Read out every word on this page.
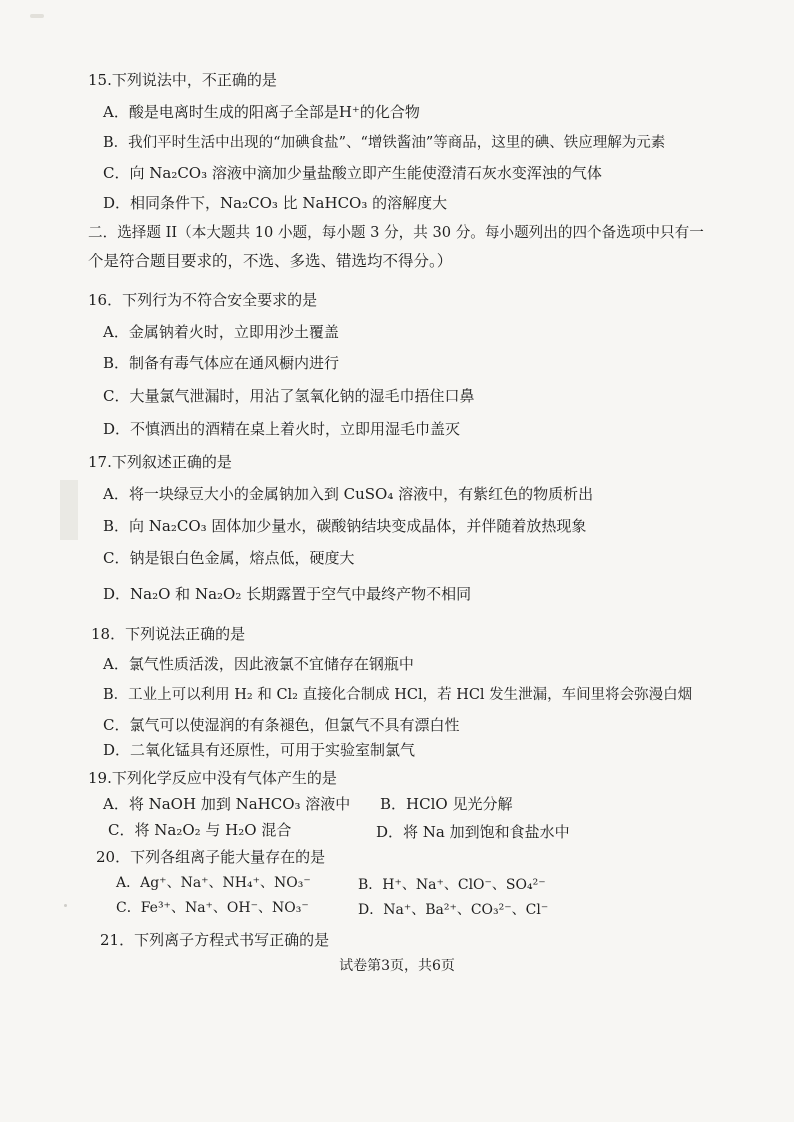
15.下列说法中，不正确的是
A．酸是电离时生成的阳离子全部是H⁺的化合物
B．我们平时生活中出现的“加碘食盐”、“增铁酱油”等商品，这里的碘、铁应理解为元素
C．向 Na₂CO₃ 溶液中滴加少量盐酸立即产生能使澄清石灰水变浑浊的气体
D．相同条件下，Na₂CO₃ 比 NaHCO₃ 的溶解度大
二．选择题 II（本大题共 10 小题，每小题 3 分，共 30 分。每小题列出的四个备选项中只有一
个是符合题目要求的，不选、多选、错选均不得分。）
16．下列行为不符合安全要求的是
A．金属钠着火时，立即用沙土覆盖
B．制备有毒气体应在通风橱内进行
C．大量氯气泄漏时，用沾了氢氧化钠的湿毛巾捂住口鼻
D．不慎洒出的酒精在桌上着火时，立即用湿毛巾盖灭
17.下列叙述正确的是
A．将一块绿豆大小的金属钠加入到 CuSO₄ 溶液中，有紫红色的物质析出
B．向 Na₂CO₃ 固体加少量水，碳酸钠结块变成晶体，并伴随着放热现象
C．钠是银白色金属，熔点低，硬度大
D．Na₂O 和 Na₂O₂ 长期露置于空气中最终产物不相同
18．下列说法正确的是
A．氯气性质活泼，因此液氯不宜储存在钢瓶中
B．工业上可以利用 H₂ 和 Cl₂ 直接化合制成 HCl，若 HCl 发生泄漏，车间里将会弥漫白烟
C．氯气可以使湿润的有条褪色，但氯气不具有漂白性
D．二氧化锰具有还原性，可用于实验室制氯气
19.下列化学反应中没有气体产生的是
A．将 NaOH 加到 NaHCO₃ 溶液中 B．HClO 见光分解
C．将 Na₂O₂ 与 H₂O 混合	D．将 Na 加到饱和食盐水中
20．下列各组离子能大量存在的是
A．Ag⁺、Na⁺、NH₄⁺、NO₃⁻	B．H⁺、Na⁺、ClO⁻、SO₄²⁻
C．Fe³⁺、Na⁺、OH⁻、NO₃⁻	D．Na⁺、Ba²⁺、CO₃²⁻、Cl⁻
21．下列离子方程式书写正确的是
试卷第3页，共6页
